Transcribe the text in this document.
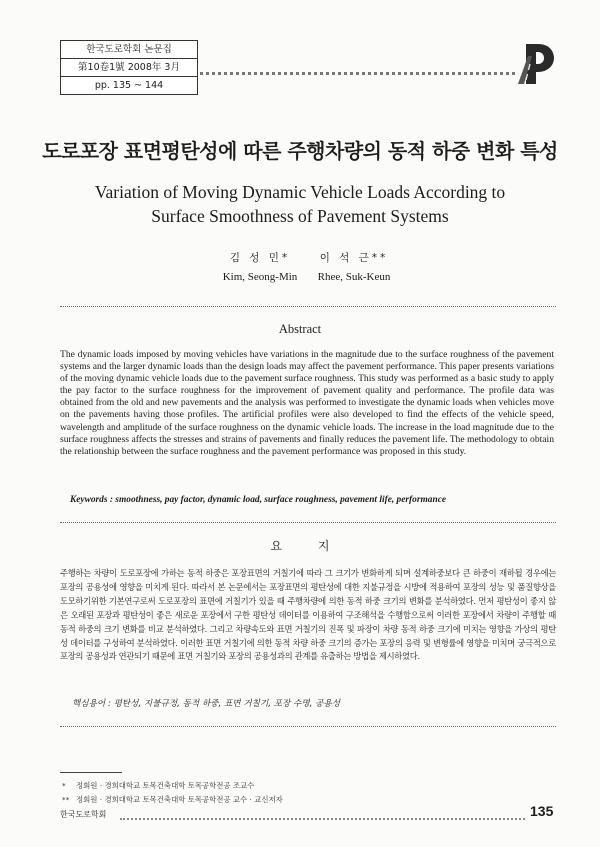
한국도로학회 논문집
第10卷1號 2008年 3月
pp. 135 ~ 144
도로포장 표면평탄성에 따른 주행차량의 동적 하중 변화 특성
Variation of Moving Dynamic Vehicle Loads According to
Surface Smoothness of Pavement Systems
김 성 민*
Kim, Seong-Min
이 석 근**
Rhee, Suk-Keun
Abstract

The dynamic loads imposed by moving vehicles have variations in the magnitude due to the surface roughness of the pavement systems and the larger dynamic loads than the design loads may affect the pavement performance. This paper presents variations of the moving dynamic vehicle loads due to the pavement surface roughness. This study was performed as a basic study to apply the pay factor to the surface roughness for the improvement of pavement quality and performance. The profile data was obtained from the old and new pavements and the analysis was performed to investigate the dynamic loads when vehicles move on the pavements having those profiles. The artificial profiles were also developed to find the effects of the vehicle speed, wavelength and amplitude of the surface roughness on the dynamic vehicle loads. The increase in the load magnitude due to the surface roughness affects the stresses and strains of pavements and finally reduces the pavement life. The methodology to obtain the relationship between the surface roughness and the pavement performance was proposed in this study.

Keywords : smoothness, pay factor, dynamic load, surface roughness, pavement life, performance
요 지

주행하는 차량이 도로포장에 가하는 동적 하중은 포장표면의 거칠기에 따라 그 크기가 변화하게 되며 설계하중보다 큰 하중이 재하될 경우에는 포장의 공용성에 영향을 미치게 된다. 따라서 본 논문에서는 포장표면의 평탄성에 대한 지불규정을 시방에 적용하여 포장의 성능 및 품질향상을 도모하기위한 기본연구로써 도로포장의 표면에 거칠기가 있을 때 주행차량에 의한 동적 하중 크기의 변화를 분석하였다. 먼저 평탄성이 좋지 않은 오래된 포장과 평탄성이 좋은 새로운 포장에서 구한 평탄성 데이터를 이용하여 구조해석을 수행함으로써 이러한 포장에서 차량이 주행할 때 동적 하중의 크기 변화를 비교 분석하였다. 그리고 차량속도와 표면 거칠기의 진폭 및 파장이 차량 동적 하중 크기에 미치는 영향을 가상의 평탄성 데이터를 구성하여 분석하였다. 이러한 표면 거칠기에 의한 동적 차량 하중 크기의 증가는 포장의 응력 및 변형률에 영향을 미치며 궁극적으로 포장의 공용성과 연관되기 때문에 표면 거칠기와 포장의 공용성과의 관계를 유출하는 방법을 제시하였다.

핵심용어 : 평탄성, 지불규정, 동적 하중, 표면 거칠기, 포장 수명, 공용성
* 정회원 · 경희대학교 토목건축대학 토목공학전공 조교수
** 정회원 · 경희대학교 토목건축대학 토목공학전공 교수 · 교신저자
한국도로학회	135
